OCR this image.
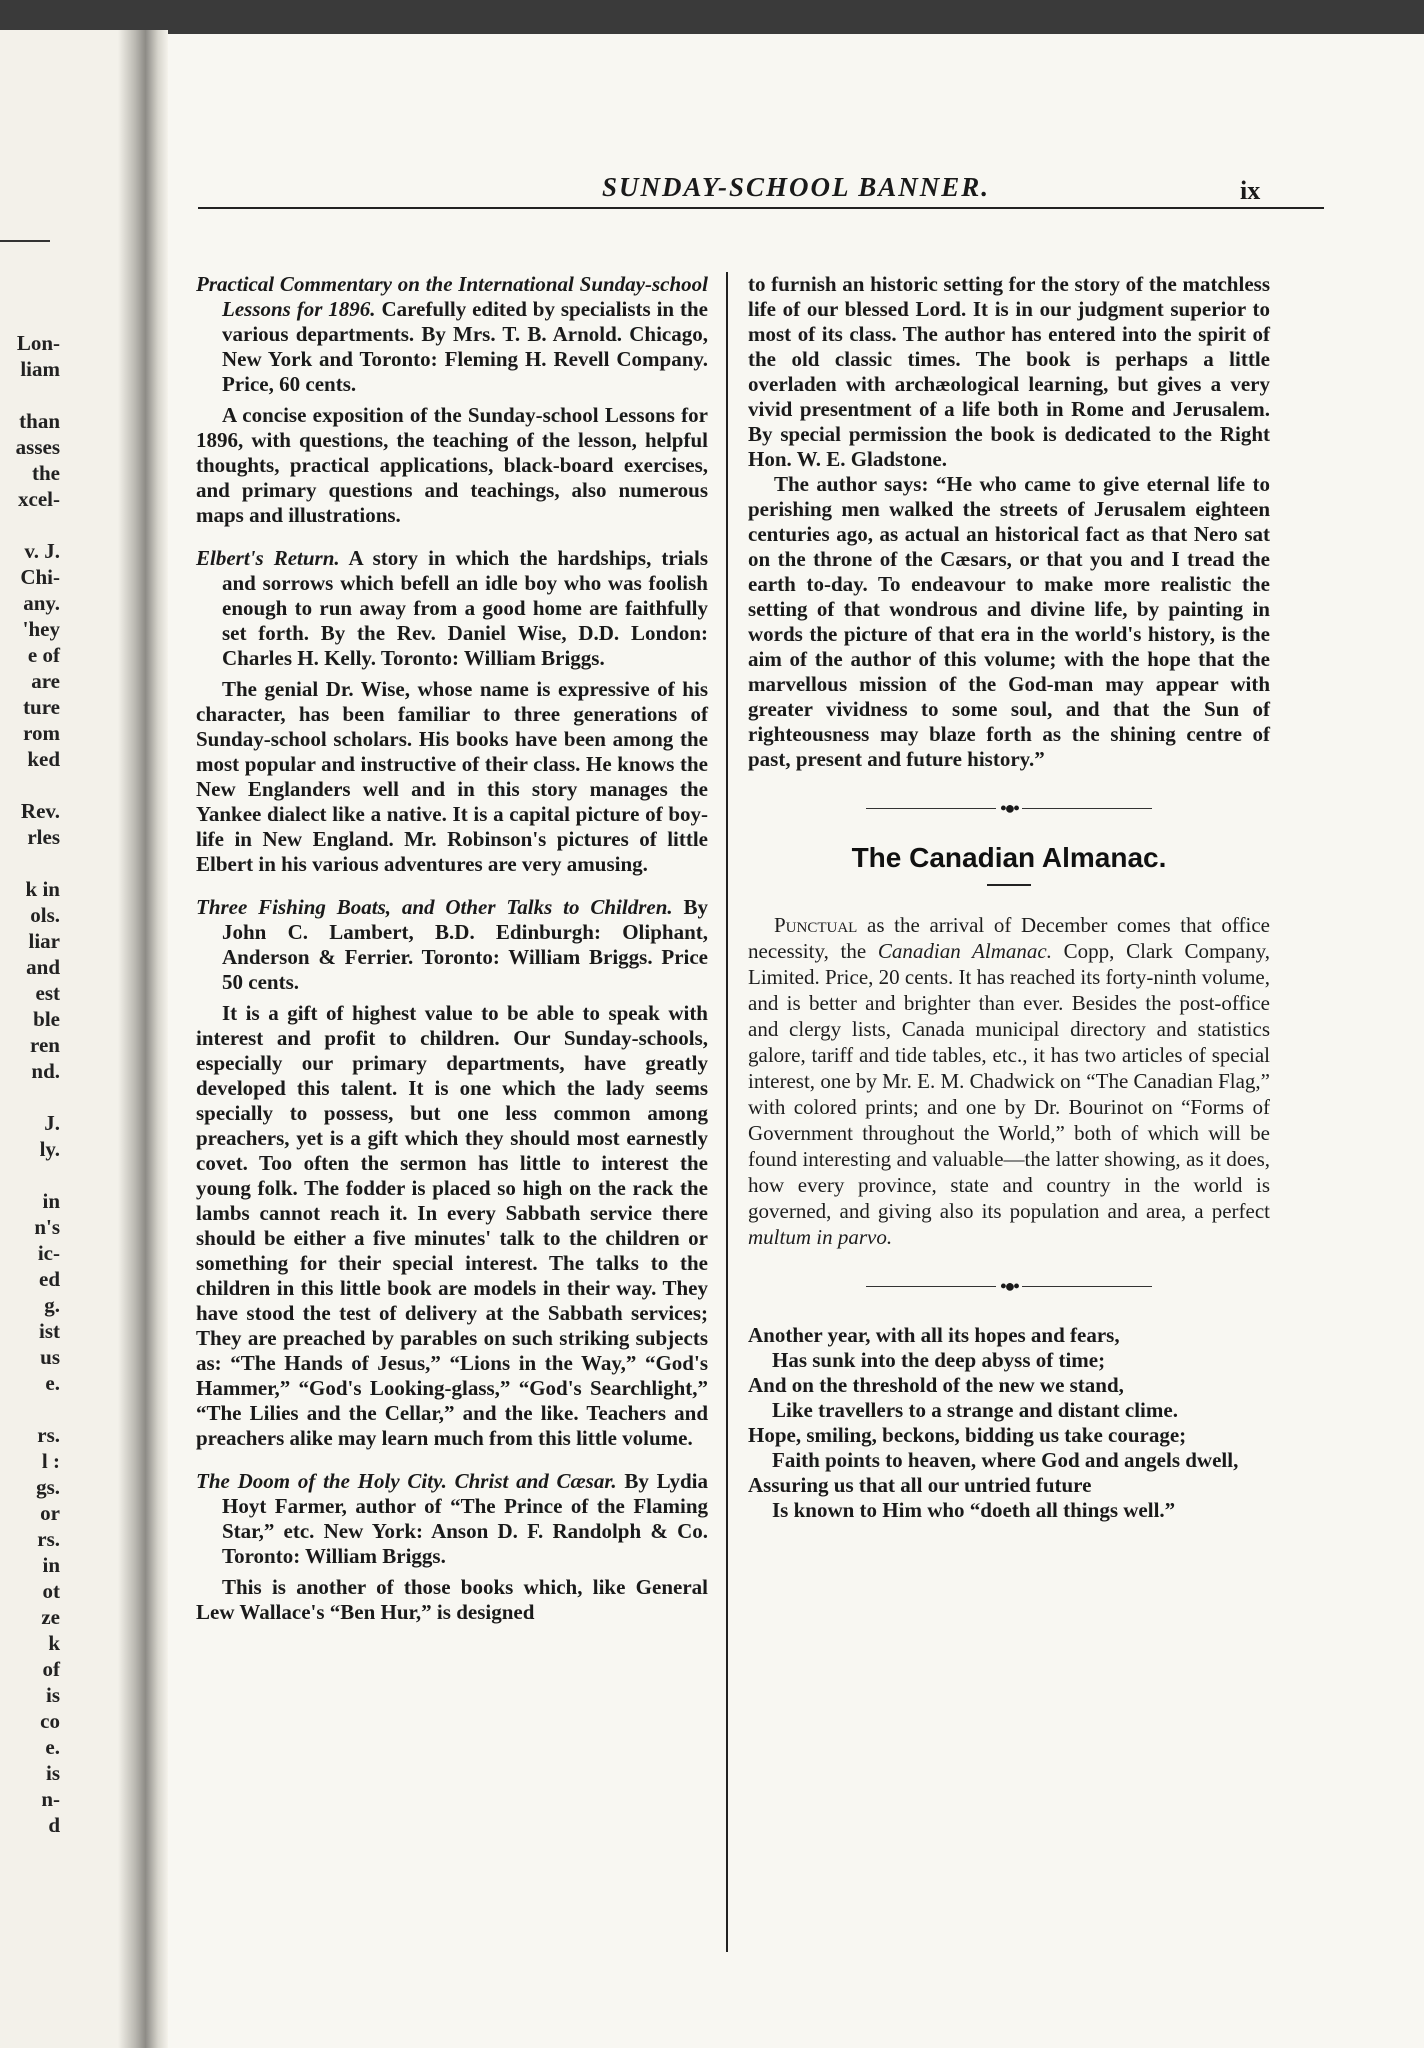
Lon-
liam
than
asses
the
xcel-
v. J.
Chi-
any.
'hey
e of
are
ture
rom
ked
Rev.
rles
k in
ols.
liar
and
est
ble
ren
nd.
J.
ly.
in
n's
ic-
ed
g.
ist
us
e.
rs.
l :
gs.
or
rs.
in
ot
ze
k
of
is
co
e.
is
n-
d
SUNDAY-SCHOOL BANNER.	ix

Practical Commentary on the International Sunday-school Lessons for 1896. Carefully edited by specialists in the various departments. By Mrs. T. B. Arnold. Chicago, New York and Toronto: Fleming H. Revell Company. Price, 60 cents.

A concise exposition of the Sunday-school Lessons for 1896, with questions, the teaching of the lesson, helpful thoughts, practical applications, black-board exercises, and primary questions and teachings, also numerous maps and illustrations.

Elbert's Return. A story in which the hardships, trials and sorrows which befell an idle boy who was foolish enough to run away from a good home are faithfully set forth. By the Rev. Daniel Wise, D.D. London: Charles H. Kelly. Toronto: William Briggs.

The genial Dr. Wise, whose name is expressive of his character, has been familiar to three generations of Sunday-school scholars. His books have been among the most popular and instructive of their class. He knows the New Englanders well and in this story manages the Yankee dialect like a native. It is a capital picture of boy-life in New England. Mr. Robinson's pictures of little Elbert in his various adventures are very amusing.

Three Fishing Boats, and Other Talks to Children. By John C. Lambert, B.D. Edinburgh: Oliphant, Anderson & Ferrier. Toronto: William Briggs. Price 50 cents.

It is a gift of highest value to be able to speak with interest and profit to children. Our Sunday-schools, especially our primary departments, have greatly developed this talent. It is one which the lady seems specially to possess, but one less common among preachers, yet is a gift which they should most earnestly covet. Too often the sermon has little to interest the young folk. The fodder is placed so high on the rack the lambs cannot reach it. In every Sabbath service there should be either a five minutes' talk to the children or something for their special interest. The talks to the children in this little book are models in their way. They have stood the test of delivery at the Sabbath services; They are preached by parables on such striking subjects as: “The Hands of Jesus,” “Lions in the Way,” “God's Hammer,” “God's Looking-glass,” “God's Searchlight,” “The Lilies and the Cellar,” and the like. Teachers and preachers alike may learn much from this little volume.

The Doom of the Holy City. Christ and Cæsar. By Lydia Hoyt Farmer, author of “The Prince of the Flaming Star,” etc. New York: Anson D. F. Randolph & Co. Toronto: William Briggs.

This is another of those books which, like General Lew Wallace's “Ben Hur,” is designed

to furnish an historic setting for the story of the matchless life of our blessed Lord. It is in our judgment superior to most of its class. The author has entered into the spirit of the old classic times. The book is perhaps a little overladen with archæological learning, but gives a very vivid presentment of a life both in Rome and Jerusalem. By special permission the book is dedicated to the Right Hon. W. E. Gladstone.

The author says: “He who came to give eternal life to perishing men walked the streets of Jerusalem eighteen centuries ago, as actual an historical fact as that Nero sat on the throne of the Cæsars, or that you and I tread the earth to-day. To endeavour to make more realistic the setting of that wondrous and divine life, by painting in words the picture of that era in the world's history, is the aim of the author of this volume; with the hope that the marvellous mission of the God-man may appear with greater vividness to some soul, and that the Sun of righteousness may blaze forth as the shining centre of past, present and future history.”

•●•
The Canadian Almanac.

Punctual as the arrival of December comes that office necessity, the Canadian Almanac. Copp, Clark Company, Limited. Price, 20 cents. It has reached its forty-ninth volume, and is better and brighter than ever. Besides the post-office and clergy lists, Canada municipal directory and statistics galore, tariff and tide tables, etc., it has two articles of special interest, one by Mr. E. M. Chadwick on “The Canadian Flag,” with colored prints; and one by Dr. Bourinot on “Forms of Government throughout the World,” both of which will be found interesting and valuable—the latter showing, as it does, how every province, state and country in the world is governed, and giving also its population and area, a perfect multum in parvo.

•●•
Another year, with all its hopes and fears,
Has sunk into the deep abyss of time;
And on the threshold of the new we stand,
Like travellers to a strange and distant clime.
Hope, smiling, beckons, bidding us take courage;
Faith points to heaven, where God and angels dwell,
Assuring us that all our untried future
Is known to Him who “doeth all things well.”
